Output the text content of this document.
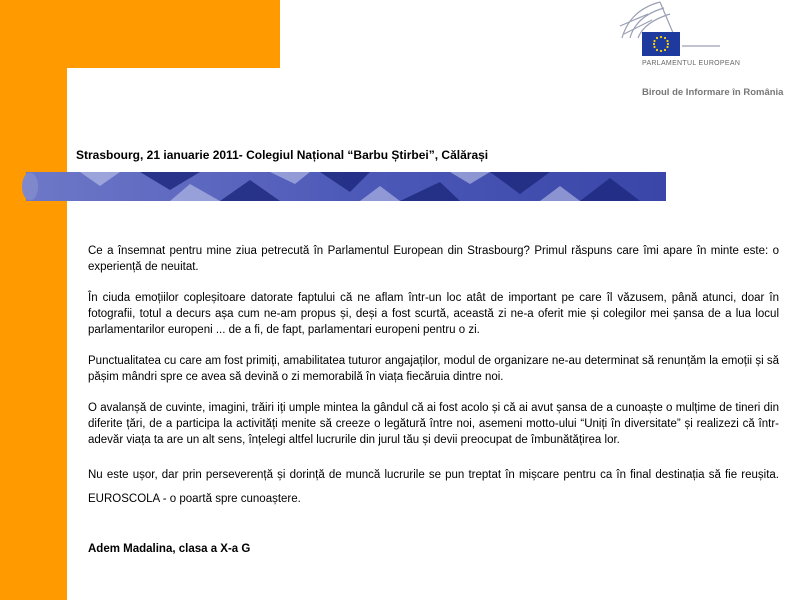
PARLAMENTUL EUROPEAN
Biroul de Informare în România
Strasbourg, 21 ianuarie 2011- Colegiul Național “Barbu Știrbei”, Călărași

Ce a însemnat pentru mine ziua petrecută în Parlamentul European din Strasbourg? Primul răspuns care îmi apare în minte este: o experiență de neuitat.

În ciuda emoțiilor copleșitoare datorate faptului că ne aflam într-un loc atât de important pe care îl văzusem, până atunci, doar în fotografii, totul a decurs așa cum ne-am propus și, deși a fost scurtă, această zi ne-a oferit mie și colegilor mei șansa de a lua locul parlamentarilor europeni ... de a fi, de fapt, parlamentari europeni pentru o zi.

Punctualitatea cu care am fost primiți, amabilitatea tuturor angajaților, modul de organizare ne-au determinat să renunțăm la emoții și să pășim mândri spre ce avea să devină o zi memorabilă în viața fiecăruia dintre noi.

O avalanșă de cuvinte, imagini, trăiri iți umple mintea la gândul că ai fost acolo și că ai avut șansa de a cunoaște o mulțime de tineri din diferite țări, de a participa la activități menite să creeze o legătură între noi, asemeni motto-ului “Uniți în diversitate” și realizezi că într-adevăr viața ta are un alt sens, înțelegi altfel lucrurile din jurul tău și devii preocupat de îmbunătățirea lor.

Nu este ușor, dar prin perseverență și dorință de muncă lucrurile se pun treptat în mișcare pentru ca în final destinația să fie reușita. EUROSCOLA - o poartă spre cunoaștere.

Adem Madalina, clasa a X-a G
